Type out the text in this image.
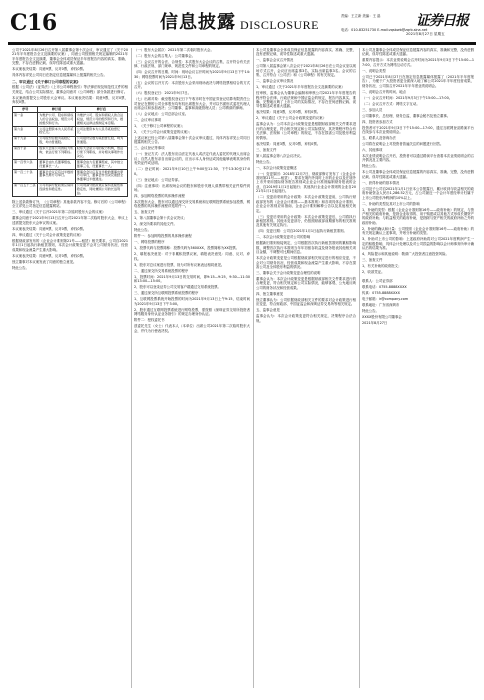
C16	信息披露 DISCLOSURE
责编：王立新 美编：王 晶
电话：010-83251730 E-mail:zqsbwb@zqrb.sina.net
证券日报
2021年8月27日 星期五

公司于2021年8月26日召开第八届董事会第十次会议，审议通过了《关于2021年半年度报告全文及摘要的议案》，同意公司按照相关规定编制的2021年半年度报告全文及摘要，董事会全体成员保证半年度报告内容的真实、准确、完整，不存在虚假记载、误导性陈述或重大遗漏。

本议案表决结果：同意9票，反对0票，弃权0票。

具体内容详见公司同日在指定信息披露媒体上披露的相关公告。

二、审议通过《关于修订公司章程的议案》

根据《公司法》《证券法》《上市公司章程指引》等法律法规及规范性文件的相关规定，结合公司实际情况，董事会同意对《公司章程》部分条款进行修订。

本议案尚需提交公司股东大会审议。本议案表决结果：同意9票，反对0票，弃权0票。

序号	修订前	修订后
第一条	为维护公司、股东和债权人的合法权益，规范公司的组织和行为。	为维护公司、股东和债权人的合法权益，规范公司的组织和行为，根据相关法律法规制定本章程。
第六条	公司注册资本为人民币贰拾亿元。	公司注册资本为人民币贰拾壹亿元。
第十九条	公司股份总数为贰拾亿股，均为普通股。	公司股份总数为贰拾壹亿股，均为普通股。
第四十条	股东大会是公司的权力机构，依法行使下列职权。	股东大会是公司的权力机构，依法行使下列职权，并对相关事项作出决议。
第一百零六条	董事会由九名董事组成，设董事长一人。	董事会由九名董事组成，其中独立董事三名，设董事长一人。
第一百二十条	董事会会议应有过半数的董事出席方可举行。	董事会会议应有过半数的董事出席方可举行，董事会作出决议须经全体董事过半数通过。
第一百五十二条	公司利润分配政策应保持连续性和稳定性。	公司利润分配政策应保持连续性和稳定性，同时兼顾公司的长远利益。

除上述条款修订外，《公司章程》其他条款内容不变。修订后的《公司章程》全文详见公司指定信息披露网站。

三、审议通过《关于召开2021年第二次临时股东大会的议案》

董事会同意于2021年9月13日召开公司2021年第二次临时股东大会，审议上述需提交股东大会审议的议案。

本议案表决结果：同意9票，反对0票，弃权0票。

四、审议通过《关于公司会计政策变更的议案》

根据财政部发布的《企业会计准则第21号——租赁》相关要求，公司自2021年1月1日起执行新租赁准则，本次会计政策变更不会对公司财务状况、经营成果和现金流量产生重大影响。

本议案表决结果：同意9票，反对0票，弃权0票。

独立董事对本议案发表了同意的独立意见。

特此公告。

（一）股东大会届次：2021年第二次临时股东大会。

（二）股东大会的召集人：公司董事会。

（三）会议召开的合法、合规性：本次股东大会会议的召集、召开符合有关法律、行政法规、部门规章、规范性文件和公司章程的规定。

（四）会议召开的日期、时间：现场会议召开时间为2021年9月13日下午14:30；网络投票时间为2021年9月13日。

（五）会议的召开方式：本次股东大会采用现场表决与网络投票相结合的方式召开。

（六）股权登记日：2021年9月7日。

（七）出席对象：截至股权登记日下午收市时在中国证券登记结算有限责任公司登记在册的公司全体股东均有权出席股东大会，并可以书面形式委托代理人出席会议和参加表决；公司董事、监事和高级管理人员；公司聘请的律师。

（八）会议地点：公司总部会议室。

二、会议审议事项

1、《关于修订公司章程的议案》；

2、《关于公司会计政策变更的议案》；

上述议案已经公司第八届董事会第十次会议审议通过，具体内容详见公司同日披露的相关公告。

三、会议登记等事项

（一）登记方式：法人股东应由法定代表人或法定代表人委托的代理人出席会议；自然人股东亲自出席会议的，应出示本人身份证或其他能够表明其身份的有效证件或证明。

（二）登记时间：2021年9月10日上午9:00至11:30，下午13:30至17:00。

（三）登记地点：公司证券部。

（四）注意事项：出席现场会议的股东和股东代理人请携带相关证件原件到场。

四、参加网络投票的具体操作流程

本次股东大会，股东可以通过深交所交易系统和互联网投票系统参加投票，网络投票的具体操作流程详见附件一。

五、备查文件

1、第八届董事会第十次会议决议；

2、深交所要求的其他文件。

特此公告。

附件一：参加网络投票的具体操作流程

一、网络投票的程序

1、投票代码与投票简称：投票代码为360XXX，投票简称为XX投票。

2、填报表决意见：对于非累积投票议案，填报表决意见：同意、反对、弃权。

3、股东对总议案进行投票，视为对所有议案表达相同意见。

二、通过深交所交易系统投票的程序

1、投票时间：2021年9月13日的交易时间，即9:15—9:25，9:30—11:30和13:00—15:00。

2、股东可以登录证券公司交易客户端通过交易系统投票。

三、通过深交所互联网投票系统投票的程序

1、互联网投票系统开始投票的时间为2021年9月13日上午9:15，结束时间为2021年9月13日下午3:00。

2、股东通过互联网投票系统进行网络投票，需按照《深圳证券交易所投资者网络服务身份认证业务指引》的规定办理身份认证。

附件二：授权委托书

兹委托先生（女士）代表本人（本单位）出席公司2021年第二次临时股东大会，并代为行使表决权。

本公司及董事会全体成员保证信息披露的内容真实、准确、完整，没有虚假记载、误导性陈述或重大遗漏。

一、监事会会议召开情况

公司第八届监事会第八次会议于2021年8月26日在公司会议室以现场方式召开，会议应出席监事3名，实际出席监事3名。会议的召集、召开符合《公司法》和《公司章程》的有关规定。

二、监事会会议审议情况

1、审议通过《关于2021年半年度报告全文及摘要的议案》

经审核，监事会认为董事会编制和审核公司2021年半年度报告的程序符合法律、行政法规和中国证监会的规定，报告内容真实、准确、完整地反映了上市公司的实际情况，不存在任何虚假记载、误导性陈述或者重大遗漏。

表决结果：同意3票，反对0票，弃权0票。

2、审议通过《关于公司会计政策变更的议案》

监事会认为：公司本次会计政策变更是根据财政部相关文件要求进行的合理变更，符合相关规定和公司实际情况，其决策程序符合有关法律、法规和《公司章程》的规定，不存在损害公司及股东利益的情形。

表决结果：同意3票，反对0票，弃权0票。

三、备查文件

第八届监事会第八次会议决议。

特此公告。

一、本次会计政策变更概述

（一）变更原因：2018年12月7日，财政部修订发布了《企业会计准则第21号——租赁》，要求在境内外同时上市的企业以及在境外上市并采用国际财务报告准则或企业会计准则编制财务报表的企业，自2019年1月1日起施行；其他执行企业会计准则的企业自2021年1月1日起施行。

（二）变更前采用的会计政策：本次会计政策变更前，公司执行财政部发布的《企业会计准则——基本准则》和各项具体会计准则、企业会计准则应用指南、企业会计准则解释公告以及其他相关规定。

（三）变更后采用的会计政策：本次会计政策变更后，公司将执行新租赁准则。其他未变更部分，仍按照财政部前期颁布的相关准则及其他有关规定执行。

（四）变更日期：公司自2021年1月1日起执行新租赁准则。

二、本次会计政策变更对公司的影响

根据新旧准则衔接规定，公司根据首次执行新租赁准则的累积影响数，调整首次执行本准则当年年初留存收益及财务报表其他相关项目金额，不调整可比期间信息。

本次会计政策变更是公司根据财政部相关规定进行的相应变更，不会对公司财务状况、经营成果和现金流量产生重大影响，不存在损害公司及全体股东利益的情况。

三、董事会关于会计政策变更合理性的说明

董事会认为：本次会计政策变更是根据财政部相关文件要求进行的合理变更，符合相关规定和公司实际情况，能够客观、公允地反映公司的财务状况和经营成果。

四、独立董事意见

独立董事认为：公司依据财政部相关文件的要求对会计政策进行相应变更，符合财政部、中国证监会和深圳证券交易所等相关规定。

五、监事会意见

监事会认为：本次会计政策变更符合相关规定，决策程序合法合规。

本公司及董事会全体成员保证信息披露内容的真实、准确和完整，没有虚假记载、误导性陈述或重大遗漏。

重要内容提示：本次业绩说明会召开时间为2021年9月3日下午15:00—17:00，召开方式为网络互动方式。

一、说明会类型

公司已于2021年8月27日在指定信息披露媒体披露了《2021年半年度报告》，为便于广大投资者更全面深入地了解公司2021年半年度经营成果、财务状况，公司拟召开2021年半年度业绩说明会。

二、说明会召开的时间、地点

（一）会议召开时间：2021年9月3日下午15:00—17:00。

（二）会议召开方式：网络文字互动。

三、参加人员

公司董事长、总经理、财务总监、董事会秘书及独立董事。

四、投资者参加方式

投资者可于2021年9月3日下午15:00—17:00，通过互联网登录路演平台在线参与本次业绩说明会。

五、联系人及咨询办法

公司将在说明会上对投资者普遍关注的问题进行回答。

六、其他事项

本次业绩说明会召开后，投资者可以通过路演平台查看本次业绩说明会的召开情况及主要内容。

特此公告。

本公司及董事会全体成员保证信息披露的内容真实、准确、完整，没有虚假记载、误导性陈述或重大遗漏。

一、获得补助的基本情况

公司及子公司自2021年1月1日至本公告披露日，累计收到与收益相关的政府补助资金人民币1,286.52万元，占公司最近一个会计年度经审计归属于上市公司股东净利润的10%以上。

二、补助的类型及其对上市公司的影响

1、补助的类型：根据《企业会计准则第16号——政府补助》的规定，与资产相关的政府补助，是指企业取得的、用于购建或以其他方式形成长期资产的政府补助；与收益相关的政府补助，是指除与资产相关的政府补助之外的政府补助。

2、补助的确认和计量：公司按照《企业会计准则第16号——政府补助》的有关规定确认上述事项，并划分补助的类型。

3、补助对上市公司的影响：上述政府补助将对公司2021年度利润产生一定的积极影响，具体会计处理以及对公司损益的影响以会计师事务所审计确认后的结果为准。

4、风险提示和其他说明：敬请广大投资者注意投资风险。

三、备查文件

1、有关补助的政府批文；

2、收款凭证。

联系人：公司证券部

联系电话：0755-8888XXXX

传真：0755-8888XXXX

电子邮箱：ir@company.com

联系地址：广东省深圳市

特此公告。

XXXX股份有限公司董事会

2021年8月27日
